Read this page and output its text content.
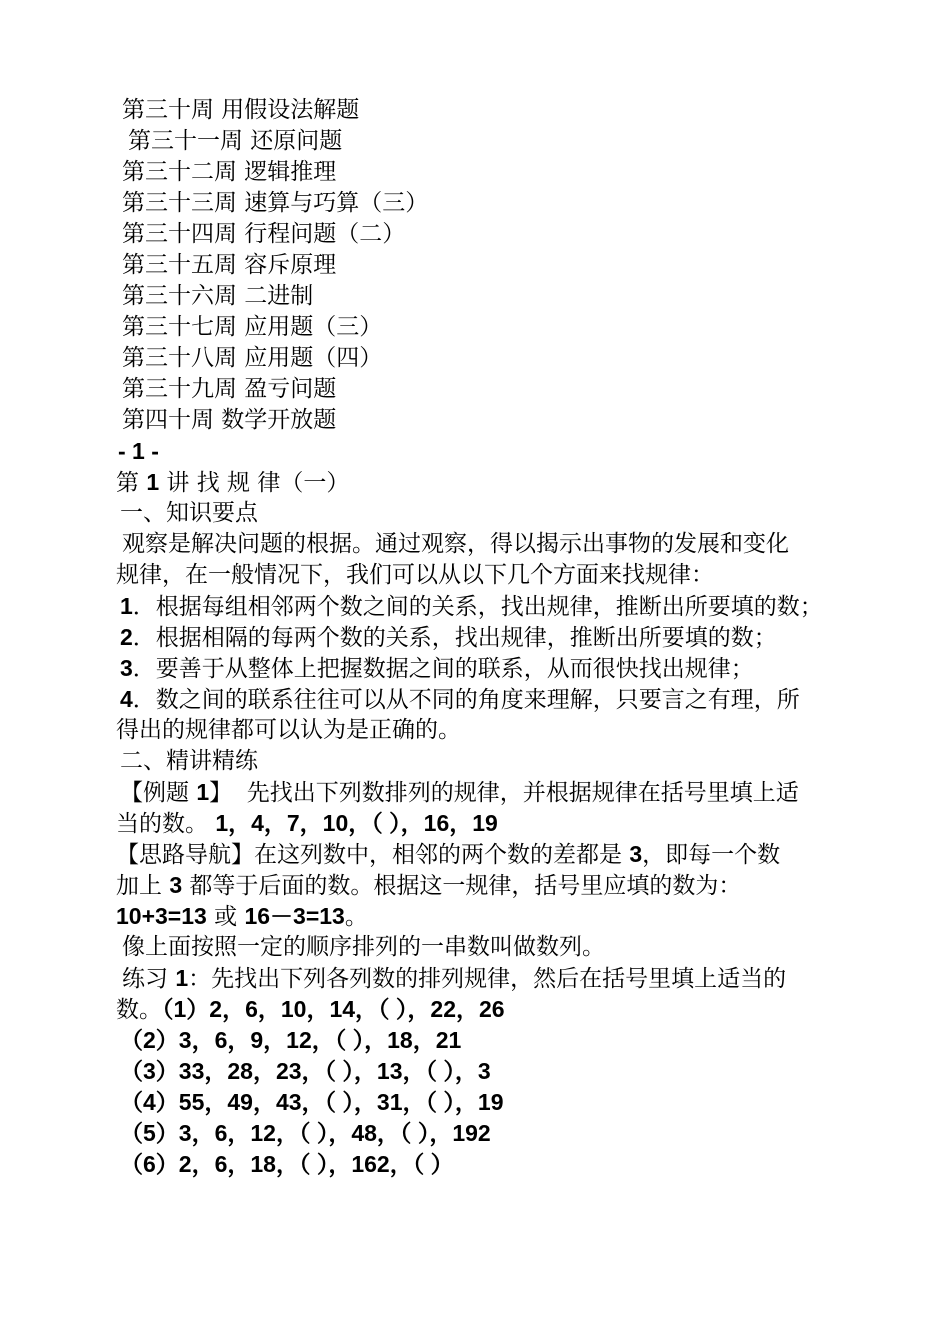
第三十周 用假设法解题
第三十一周 还原问题
第三十二周 逻辑推理
第三十三周 速算与巧算（三）
第三十四周 行程问题（二）
第三十五周 容斥原理
第三十六周 二进制
第三十七周 应用题（三）
第三十八周 应用题（四）
第三十九周 盈亏问题
第四十周 数学开放题
- 1 -
第 1 讲 找 规 律（一）
一、知识要点
观察是解决问题的根据。通过观察，得以揭示出事物的发展和变化
规律，在一般情况下，我们可以从以下几个方面来找规律：
1．根据每组相邻两个数之间的关系，找出规律，推断出所要填的数；
2．根据相隔的每两个数的关系，找出规律，推断出所要填的数；
3．要善于从整体上把握数据之间的联系，从而很快找出规律；
4．数之间的联系往往可以从不同的角度来理解，只要言之有理，所
得出的规律都可以认为是正确的。
二、精讲精练
【例题 1】 先找出下列数排列的规律，并根据规律在括号里填上适
当的数。 1，4，7，10，（ ），16，19
【思路导航】在这列数中，相邻的两个数的差都是 3，即每一个数
加上 3 都等于后面的数。根据这一规律，括号里应填的数为：
10+3=13 或 16－3=13。
像上面按照一定的顺序排列的一串数叫做数列。
练习 1：先找出下列各列数的排列规律，然后在括号里填上适当的
数。（1）2，6，10，14，（ ），22，26
（2）3，6，9，12，（ ），18，21
（3）33，28，23，（ ），13，（ ），3
（4）55，49，43，（ ），31，（ ），19
（5）3，6，12，（ ），48，（ ），192
（6）2，6，18，（ ），162，（ ）
